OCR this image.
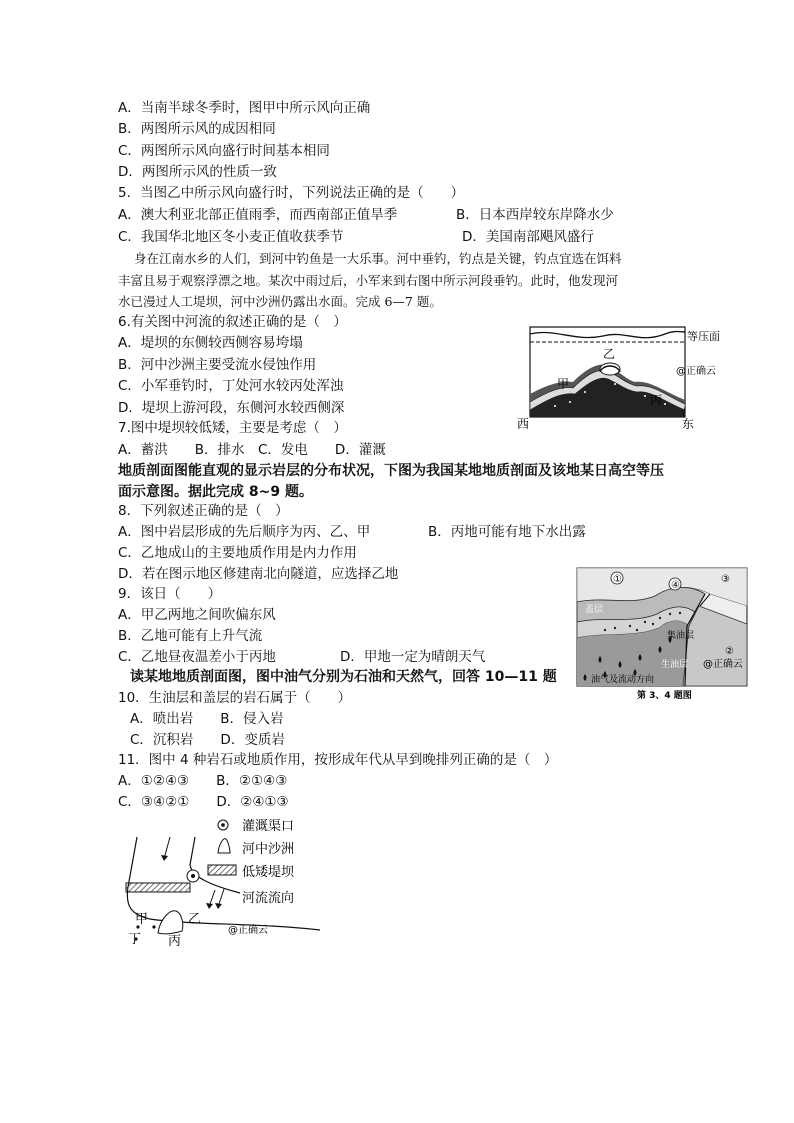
A．当南半球冬季时，图甲中所示风向正确
B．两图所示风的成因相同
C．两图所示风向盛行时间基本相同
D．两图所示风的性质一致
5．当图乙中所示风向盛行时，下列说法正确的是（　　）
A．澳大利亚北部正值雨季，而西南部正值旱季	B．日本西岸较东岸降水少
C．我国华北地区冬小麦正值收获季节	D．美国南部飓风盛行
身在江南水乡的人们，到河中钓鱼是一大乐事。河中垂钓，钓点是关键，钓点宜选在饵料
丰富且易于观察浮漂之地。某次中雨过后，小军来到右图中所示河段垂钓。此时，他发现河
水已漫过人工堤坝，河中沙洲仍露出水面。完成 6—7 题。
6.有关图中河流的叙述正确的是（　）
A．堤坝的东侧较西侧容易垮塌
B．河中沙洲主要受流水侵蚀作用
C．小军垂钓时，丁处河水较丙处浑浊
D．堤坝上游河段，东侧河水较西侧深
7.图中堤坝较低矮，主要是考虑（　）
A．蓄洪　　B．排水　C．发电　　D．灌溉
地质剖面图能直观的显示岩层的分布状况，下图为我国某地地质剖面及该地某日高空等压
面示意图。据此完成 8~9 题。
8．下列叙述正确的是（　）
A．图中岩层形成的先后顺序为丙、乙、甲	B．丙地可能有地下水出露
C．乙地成山的主要地质作用是内力作用
D．若在图示地区修建南北向隧道，应选择乙地
9．该日（　　）
A．甲乙两地之间吹偏东风
B．乙地可能有上升气流
C．乙地昼夜温差小于丙地	D．甲地一定为晴朗天气
读某地地质剖面图，图中油气分别为石油和天然气，回答 10—11 题
10．生油层和盖层的岩石属于（　　）
A．喷出岩　　B．侵入岩
C．沉积岩　　D．变质岩
11．图中 4 种岩石或地质作用，按形成年代从早到晚排列正确的是（　）
A．①②④③　　B．②①④③
C．③④②①　　D．②④①③
等压面
@正确云
甲
乙
丙
西	东
①
④
③
②
盖层
集油层
生油层 @正确云
油气及流动方向
第 3、4 题图
甲	乙
丙
丁
@正确云
灌溉渠口
河中沙洲
低矮堤坝
河流流向
